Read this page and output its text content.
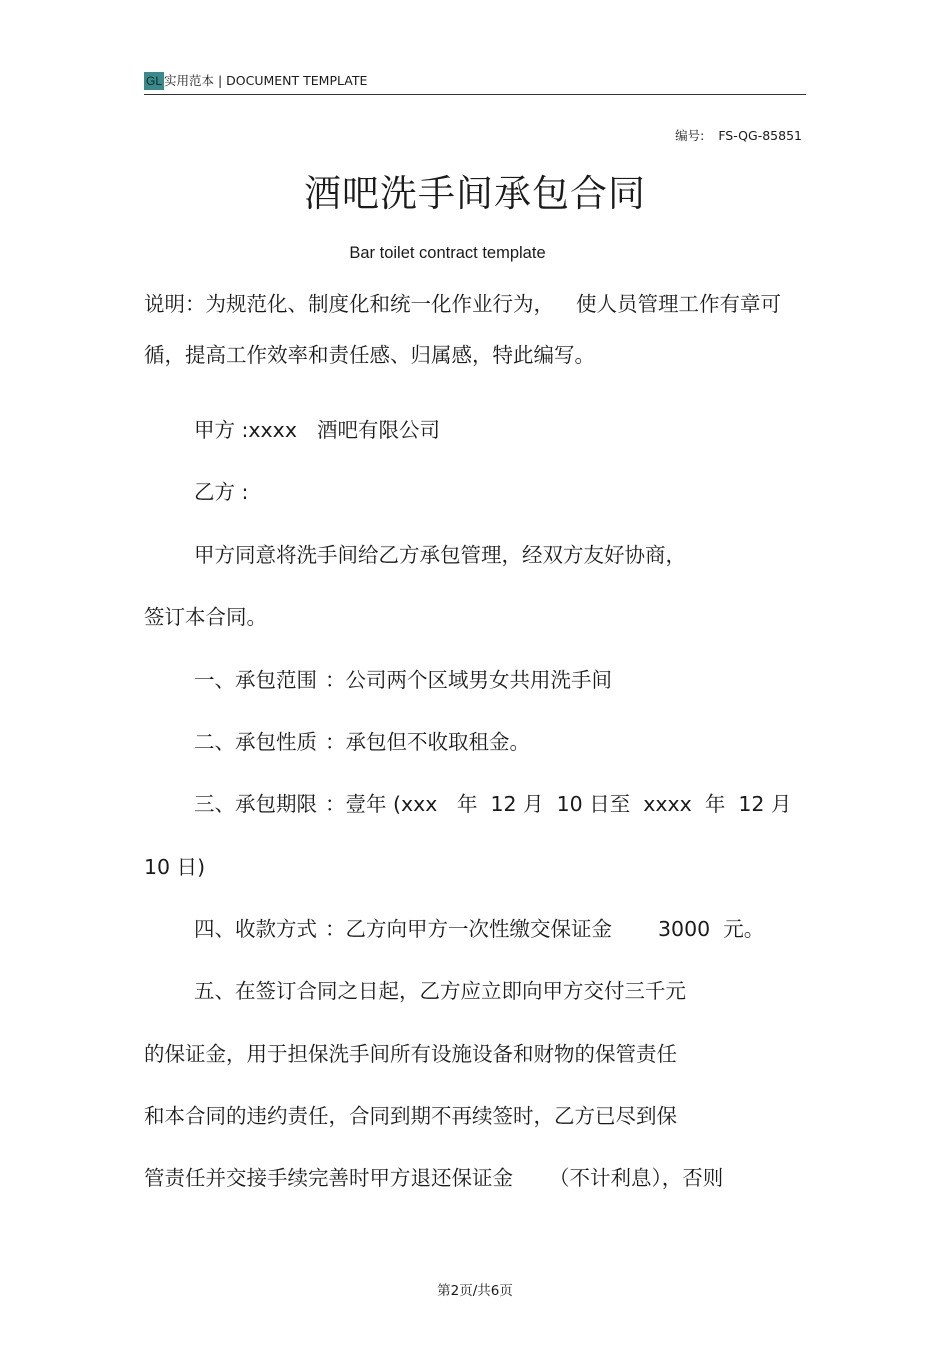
GL 实用范本 | DOCUMENT TEMPLATE
编号: FS-QG-85851
酒吧洗手间承包合同
Bar toilet contract template
说明：为规范化、制度化和统一化作业行为， 使人员管理工作有章可
循，提高工作效率和责任感、归属感，特此编写。
甲方 :xxxx 酒吧有限公司
乙方 :
甲方同意将洗手间给乙方承包管理，经双方友好协商，
签订本合同。
一、承包范围 ：公司两个区域男女共用洗手间
二、承包性质 ：承包但不收取租金。
三、承包期限 ：壹年 (xxx   年  12 月  10 日至  xxxx  年  12 月
10 日)
四、收款方式 ：乙方向甲方一次性缴交保证金 3000  元。
五、在签订合同之日起，乙方应立即向甲方交付三千元
的保证金，用于担保洗手间所有设施设备和财物的保管责任
和本合同的违约责任，合同到期不再续签时，乙方已尽到保
管责任并交接手续完善时甲方退还保证金 （不计利息），否则
第2页/共6页
